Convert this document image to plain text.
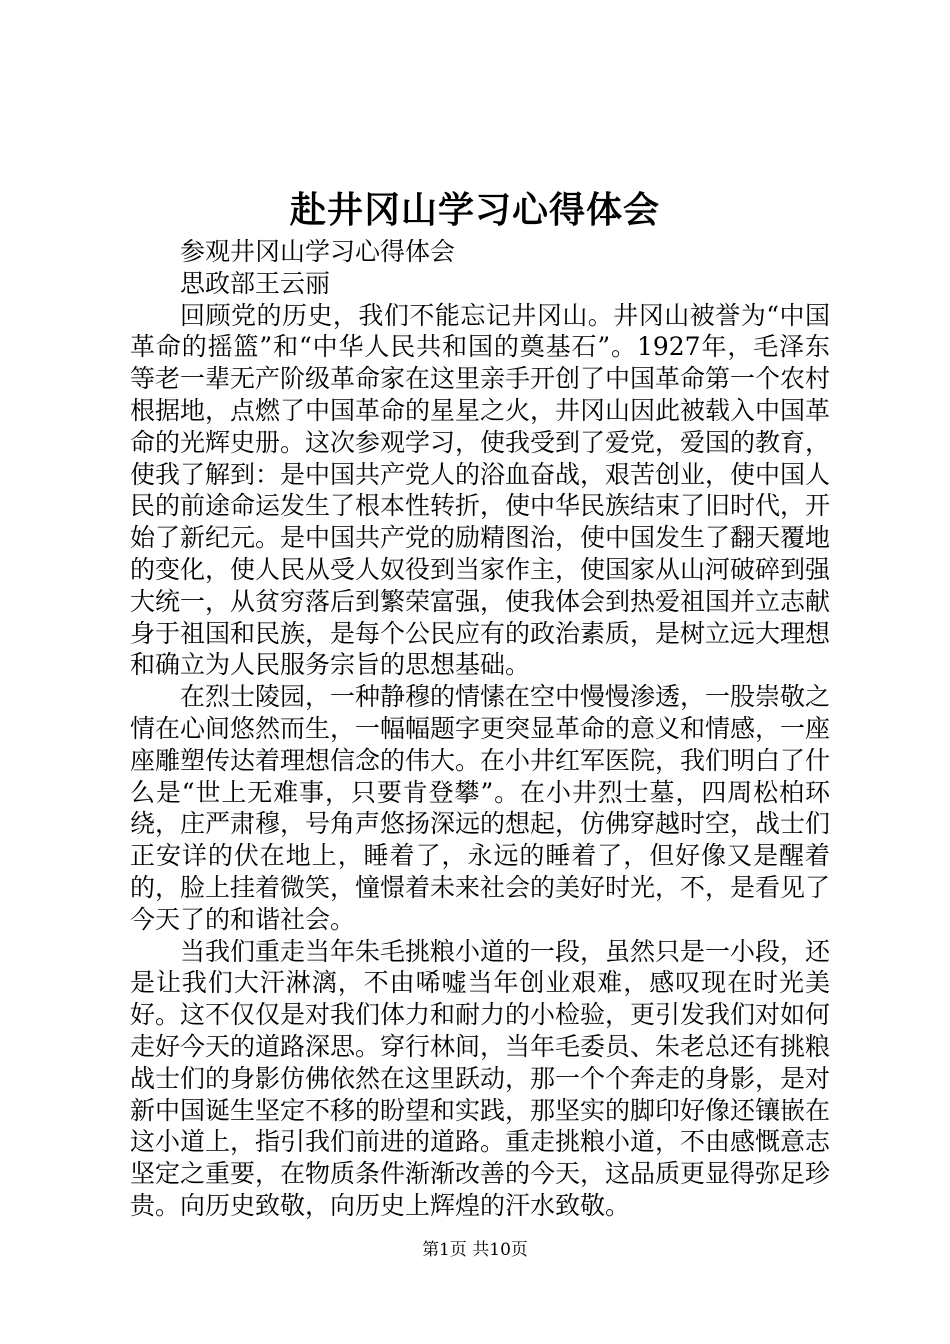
赴井冈山学习心得体会

参观井冈山学习心得体会

思政部王云丽

回顾党的历史，我们不能忘记井冈山。井冈山被誉为“中国革命的摇篮”和“中华人民共和国的奠基石”。1927年，毛泽东等老一辈无产阶级革命家在这里亲手开创了中国革命第一个农村根据地，点燃了中国革命的星星之火，井冈山因此被载入中国革命的光辉史册。这次参观学习，使我受到了爱党，爱国的教育，使我了解到：是中国共产党人的浴血奋战，艰苦创业，使中国人民的前途命运发生了根本性转折，使中华民族结束了旧时代，开始了新纪元。是中国共产党的励精图治，使中国发生了翻天覆地的变化，使人民从受人奴役到当家作主，使国家从山河破碎到强大统一，从贫穷落后到繁荣富强，使我体会到热爱祖国并立志献身于祖国和民族，是每个公民应有的政治素质，是树立远大理想和确立为人民服务宗旨的思想基础。

在烈士陵园，一种静穆的情愫在空中慢慢渗透，一股崇敬之情在心间悠然而生，一幅幅题字更突显革命的意义和情感，一座座雕塑传达着理想信念的伟大。在小井红军医院，我们明白了什么是“世上无难事，只要肯登攀”。在小井烈士墓，四周松柏环绕，庄严肃穆，号角声悠扬深远的想起，仿佛穿越时空，战士们正安详的伏在地上，睡着了，永远的睡着了，但好像又是醒着的，脸上挂着微笑，憧憬着未来社会的美好时光，不，是看见了今天了的和谐社会。

当我们重走当年朱毛挑粮小道的一段，虽然只是一小段，还是让我们大汗淋漓，不由唏嘘当年创业艰难，感叹现在时光美好。这不仅仅是对我们体力和耐力的小检验，更引发我们对如何走好今天的道路深思。穿行林间，当年毛委员、朱老总还有挑粮战士们的身影仿佛依然在这里跃动，那一个个奔走的身影，是对新中国诞生坚定不移的盼望和实践，那坚实的脚印好像还镶嵌在这小道上，指引我们前进的道路。重走挑粮小道，不由感慨意志坚定之重要，在物质条件渐渐改善的今天，这品质更显得弥足珍贵。向历史致敬，向历史上辉煌的汗水致敬。

第1页 共10页
